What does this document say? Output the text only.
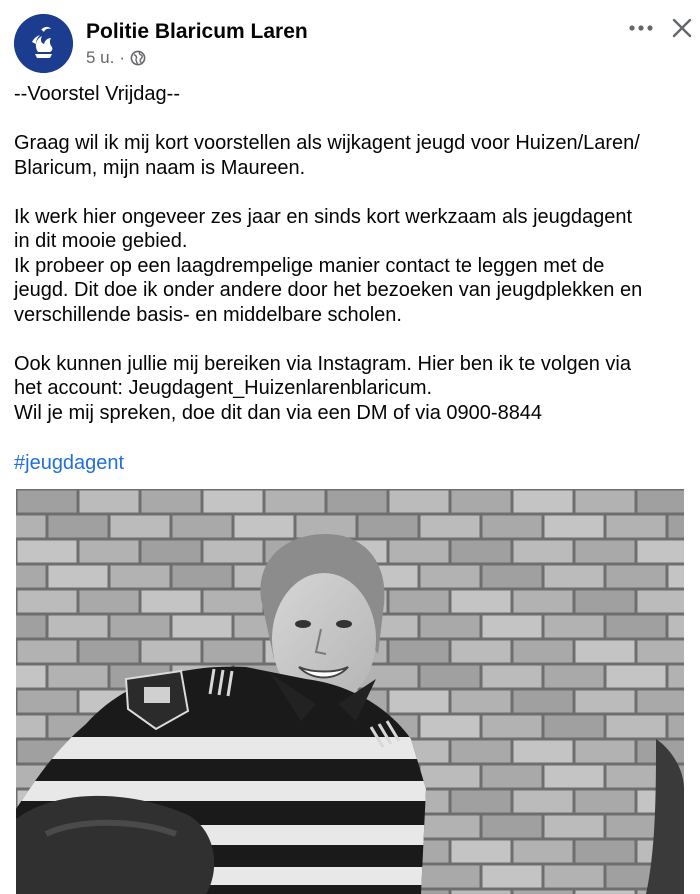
Politie Blaricum Laren
5 u. ·

--Voorstel Vrijdag--

Graag wil ik mij kort voorstellen als wijkagent jeugd voor Huizen/Laren/

Blaricum, mijn naam is Maureen.

Ik werk hier ongeveer zes jaar en sinds kort werkzaam als jeugdagent

in dit mooie gebied.

Ik probeer op een laagdrempelige manier contact te leggen met de

jeugd. Dit doe ik onder andere door het bezoeken van jeugdplekken en

verschillende basis- en middelbare scholen.

Ook kunnen jullie mij bereiken via Instagram. Hier ben ik te volgen via

het account: Jeugdagent_Huizenlarenblaricum.

Wil je mij spreken, doe dit dan via een DM of via 0900-8844

#jeugdagent
